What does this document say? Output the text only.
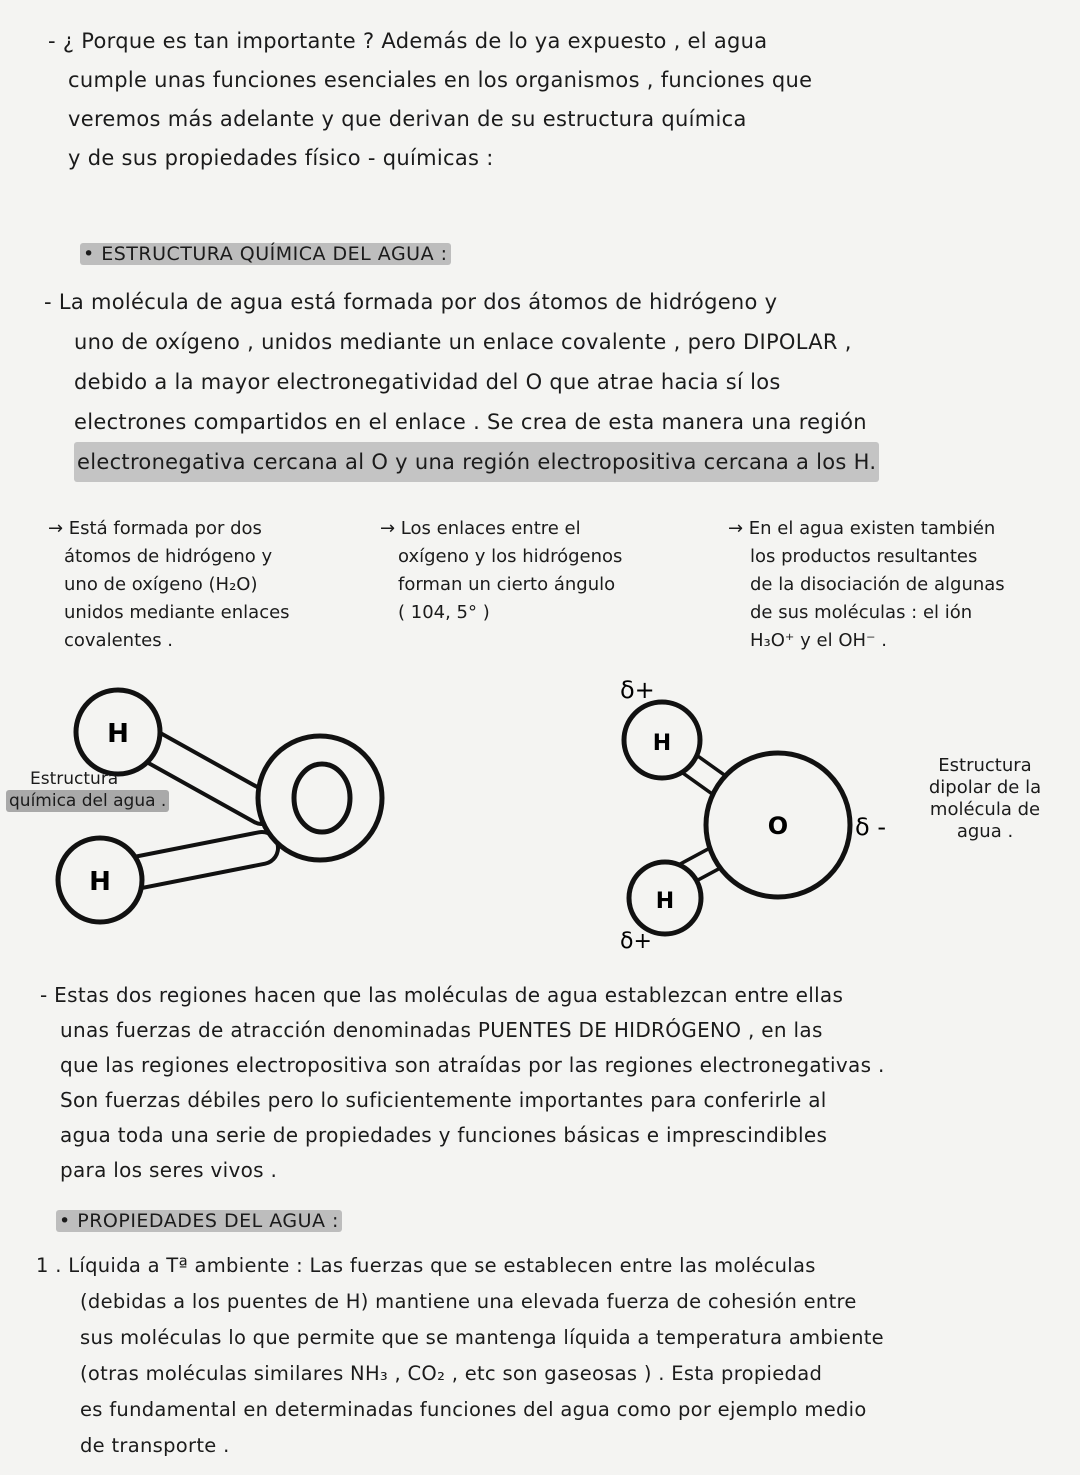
- ¿ Porque es tan importante ? Además de lo ya expuesto , el agua
cumple unas funciones esenciales en los organismos , funciones que
veremos más adelante y que derivan de su estructura química
y de sus propiedades físico - químicas :
• ESTRUCTURA QUÍMICA DEL AGUA :
- La molécula de agua está formada por dos átomos de hidrógeno y
uno de oxígeno , unidos mediante un enlace covalente , pero DIPOLAR ,
debido a la mayor electronegatividad del O que atrae hacia sí los
electrones compartidos en el enlace . Se crea de esta manera una región
electronegativa cercana al O y una región electropositiva cercana a los H.
→ Está formada por dos
átomos de hidrógeno y
uno de oxígeno (H₂O)
unidos mediante enlaces
covalentes .
→ Los enlaces entre el
oxígeno y los hidrógenos
forman un cierto ángulo
( 104, 5° )
→ En el agua existen también
los productos resultantes
de la disociación de algunas
de sus moléculas : el ión
H₃O⁺ y el OH⁻ .
H
H
Estructura
química del agua .
H
H
O
δ+
δ+
δ -
Estructura
dipolar de la
molécula de
agua .
- Estas dos regiones hacen que las moléculas de agua establezcan entre ellas
unas fuerzas de atracción denominadas PUENTES DE HIDRÓGENO , en las
que las regiones electropositiva son atraídas por las regiones electronegativas .
Son fuerzas débiles pero lo suficientemente importantes para conferirle al
agua toda una serie de propiedades y funciones básicas e imprescindibles
para los seres vivos .
• PROPIEDADES DEL AGUA :
1 . Líquida a Tª ambiente : Las fuerzas que se establecen entre las moléculas
(debidas a los puentes de H) mantiene una elevada fuerza de cohesión entre
sus moléculas lo que permite que se mantenga líquida a temperatura ambiente
(otras moléculas similares NH₃ , CO₂ , etc son gaseosas ) . Esta propiedad
es fundamental en determinadas funciones del agua como por ejemplo medio
de transporte .
